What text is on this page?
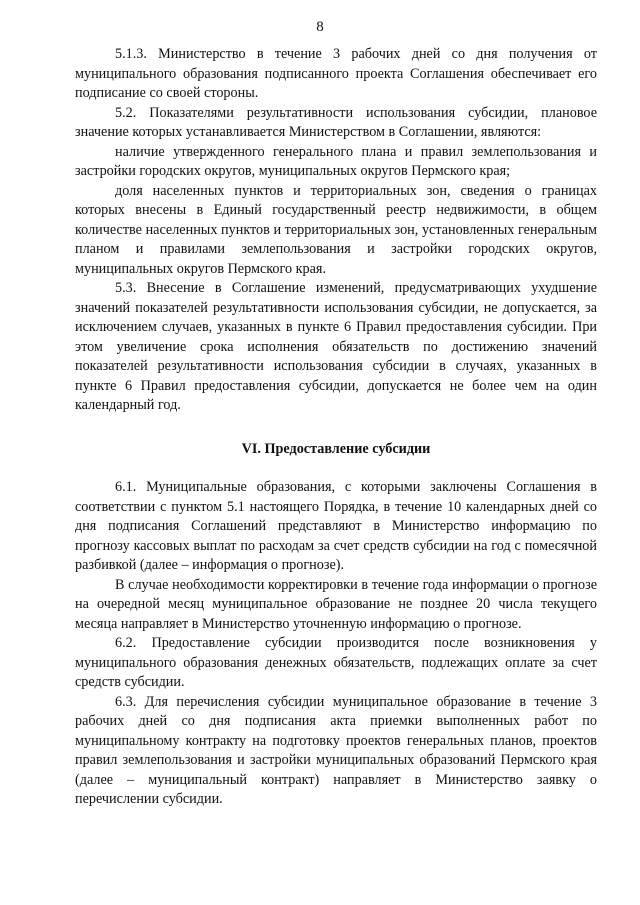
8

5.1.3. Министерство в течение 3 рабочих дней со дня получения от муниципального образования подписанного проекта Соглашения обеспечивает его подписание со своей стороны.

5.2. Показателями результативности использования субсидии, плановое значение которых устанавливается Министерством в Соглашении, являются:

наличие утвержденного генерального плана и правил землепользования и застройки городских округов, муниципальных округов Пермского края;

доля населенных пунктов и территориальных зон, сведения о границах которых внесены в Единый государственный реестр недвижимости, в общем количестве населенных пунктов и территориальных зон, установленных генеральным планом и правилами землепользования и застройки городских округов, муниципальных округов Пермского края.

5.3. Внесение в Соглашение изменений, предусматривающих ухудшение значений показателей результативности использования субсидии, не допускается, за исключением случаев, указанных в пункте 6 Правил предоставления субсидии. При этом увеличение срока исполнения обязательств по достижению значений показателей результативности использования субсидии в случаях, указанных в пункте 6 Правил предоставления субсидии, допускается не более чем на один календарный год.

VI. Предоставление субсидии

6.1. Муниципальные образования, с которыми заключены Соглашения в соответствии с пунктом 5.1 настоящего Порядка, в течение 10 календарных дней со дня подписания Соглашений представляют в Министерство информацию по прогнозу кассовых выплат по расходам за счет средств субсидии на год с помесячной разбивкой (далее – информация о прогнозе).

В случае необходимости корректировки в течение года информации о прогнозе на очередной месяц муниципальное образование не позднее 20 числа текущего месяца направляет в Министерство уточненную информацию о прогнозе.

6.2. Предоставление субсидии производится после возникновения у муниципального образования денежных обязательств, подлежащих оплате за счет средств субсидии.

6.3. Для перечисления субсидии муниципальное образование в течение 3 рабочих дней со дня подписания акта приемки выполненных работ по муниципальному контракту на подготовку проектов генеральных планов, проектов правил землепользования и застройки муниципальных образований Пермского края (далее – муниципальный контракт) направляет в Министерство заявку о перечислении субсидии.
